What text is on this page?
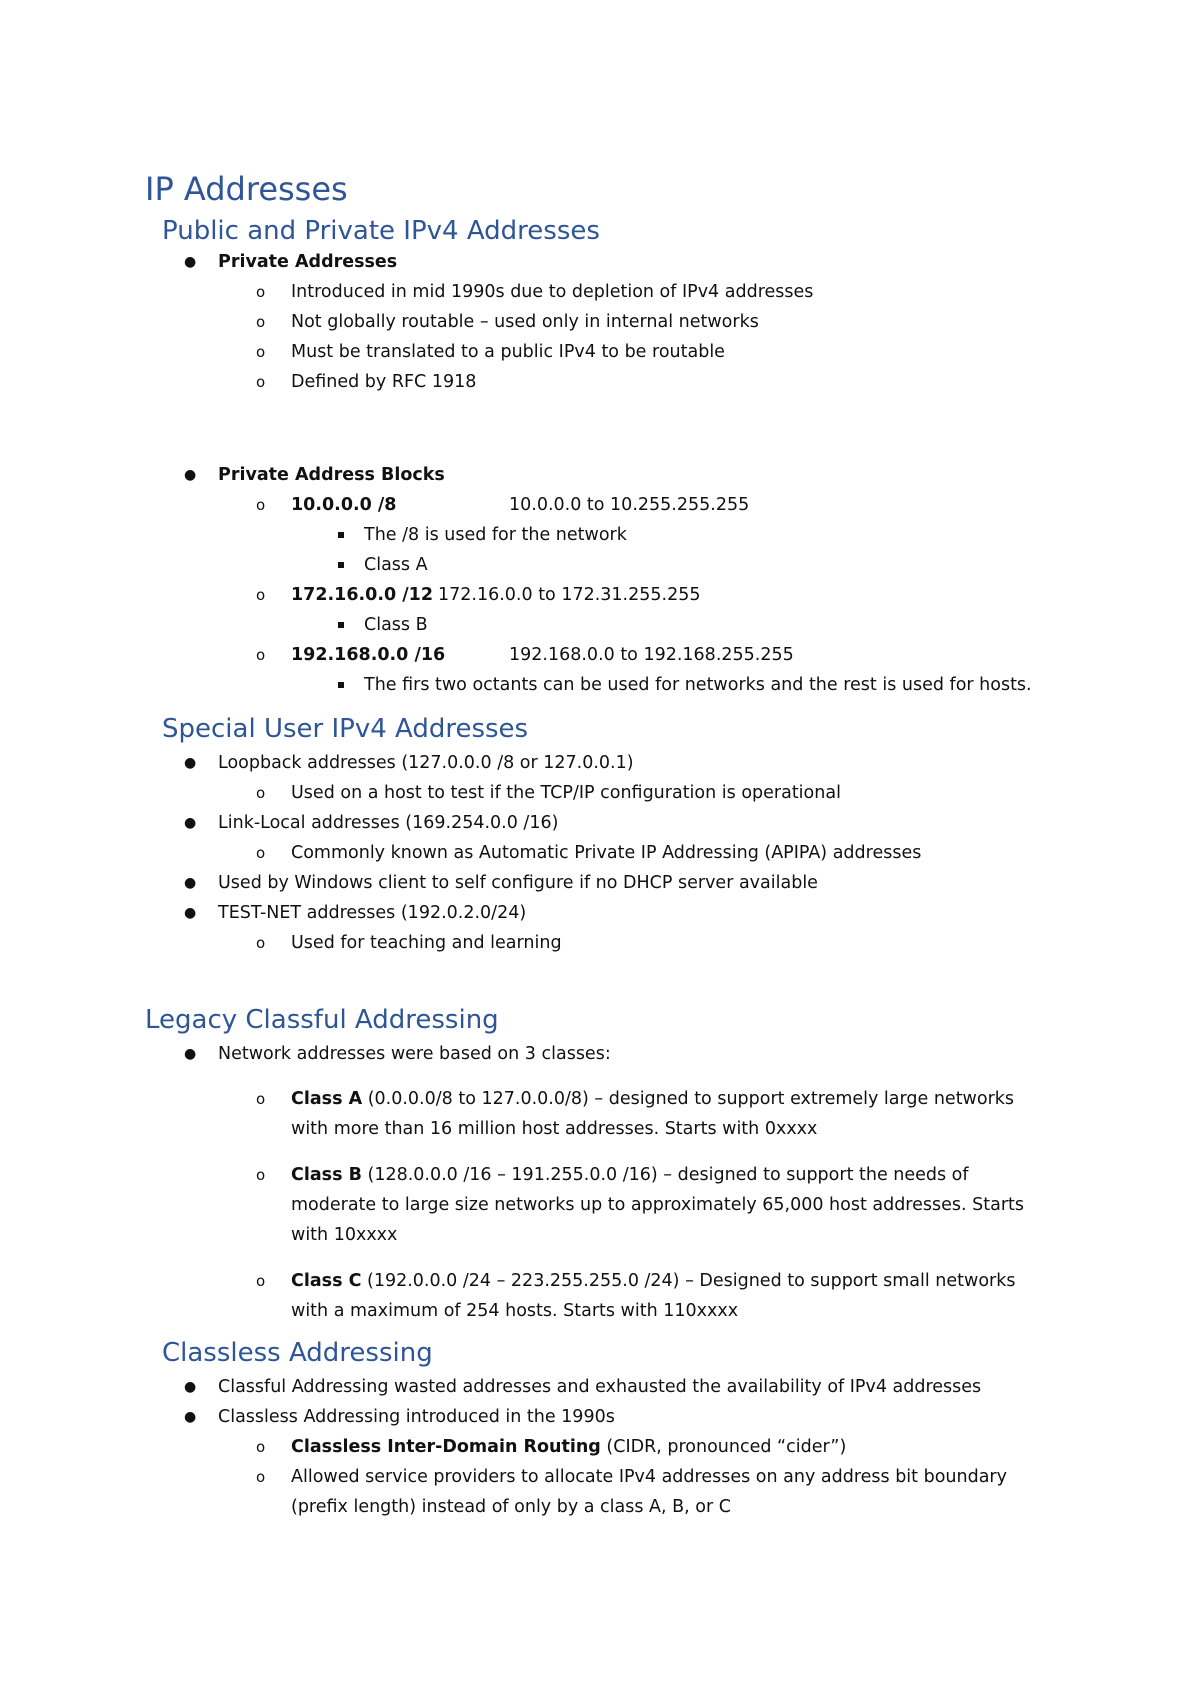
IP Addresses
Public and Private IPv4 Addresses
● Private Addresses
o Introduced in mid 1990s due to depletion of IPv4 addresses
o Not globally routable – used only in internal networks
o Must be translated to a public IPv4 to be routable
o Defined by RFC 1918
● Private Address Blocks
o 10.0.0.0 /8	10.0.0.0 to 10.255.255.255
The /8 is used for the network
Class A
o 172.16.0.0 /12 172.16.0.0 to 172.31.255.255
Class B
o 192.168.0.0 /16	192.168.0.0 to 192.168.255.255
The firs two octants can be used for networks and the rest is used for hosts.
Special User IPv4 Addresses
● Loopback addresses (127.0.0.0 /8 or 127.0.0.1)
o Used on a host to test if the TCP/IP configuration is operational
● Link-Local addresses (169.254.0.0 /16)
o Commonly known as Automatic Private IP Addressing (APIPA) addresses
● Used by Windows client to self configure if no DHCP server available
● TEST-NET addresses (192.0.2.0/24)
o Used for teaching and learning
Legacy Classful Addressing
● Network addresses were based on 3 classes:
o Class A (0.0.0.0/8 to 127.0.0.0/8) – designed to support extremely large networks
with more than 16 million host addresses. Starts with 0xxxx
o Class B (128.0.0.0 /16 – 191.255.0.0 /16) – designed to support the needs of
moderate to large size networks up to approximately 65,000 host addresses. Starts
with 10xxxx
o Class C (192.0.0.0 /24 – 223.255.255.0 /24) – Designed to support small networks
with a maximum of 254 hosts. Starts with 110xxxx
Classless Addressing
● Classful Addressing wasted addresses and exhausted the availability of IPv4 addresses
● Classless Addressing introduced in the 1990s
o Classless Inter-Domain Routing (CIDR, pronounced “cider”)
o Allowed service providers to allocate IPv4 addresses on any address bit boundary
(prefix length) instead of only by a class A, B, or C
